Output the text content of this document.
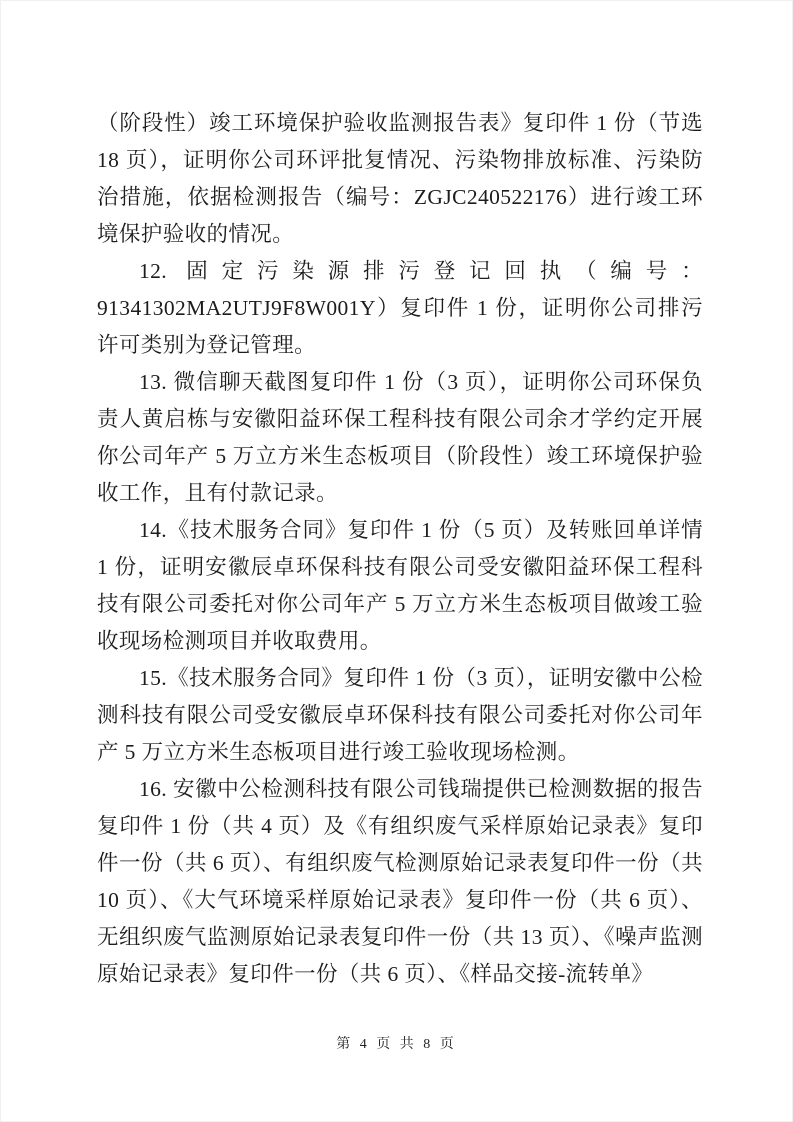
（阶段性）竣工环境保护验收监测报告表》复印件 1 份（节选 18 页），证明你公司环评批复情况、污染物排放标准、污染防治措施，依据检测报告（编号：ZGJC240522176）进行竣工环境保护验收的情况。

12. 固定污染源排污登记回执（编号：91341302MA2UTJ9F8W001Y）复印件 1 份，证明你公司排污许可类别为登记管理。

13. 微信聊天截图复印件 1 份（3 页），证明你公司环保负责人黄启栋与安徽阳益环保工程科技有限公司余才学约定开展你公司年产 5 万立方米生态板项目（阶段性）竣工环境保护验收工作，且有付款记录。

14.《技术服务合同》复印件 1 份（5 页）及转账回单详情 1 份，证明安徽辰卓环保科技有限公司受安徽阳益环保工程科技有限公司委托对你公司年产 5 万立方米生态板项目做竣工验收现场检测项目并收取费用。

15.《技术服务合同》复印件 1 份（3 页），证明安徽中公检测科技有限公司受安徽辰卓环保科技有限公司委托对你公司年产 5 万立方米生态板项目进行竣工验收现场检测。

16. 安徽中公检测科技有限公司钱瑞提供已检测数据的报告复印件 1 份（共 4 页）及《有组织废气采样原始记录表》复印件一份（共 6 页）、有组织废气检测原始记录表复印件一份（共 10 页）、《大气环境采样原始记录表》复印件一份（共 6 页）、无组织废气监测原始记录表复印件一份（共 13 页）、《噪声监测原始记录表》复印件一份（共 6 页）、《样品交接-流转单》

第 4 页 共 8 页
